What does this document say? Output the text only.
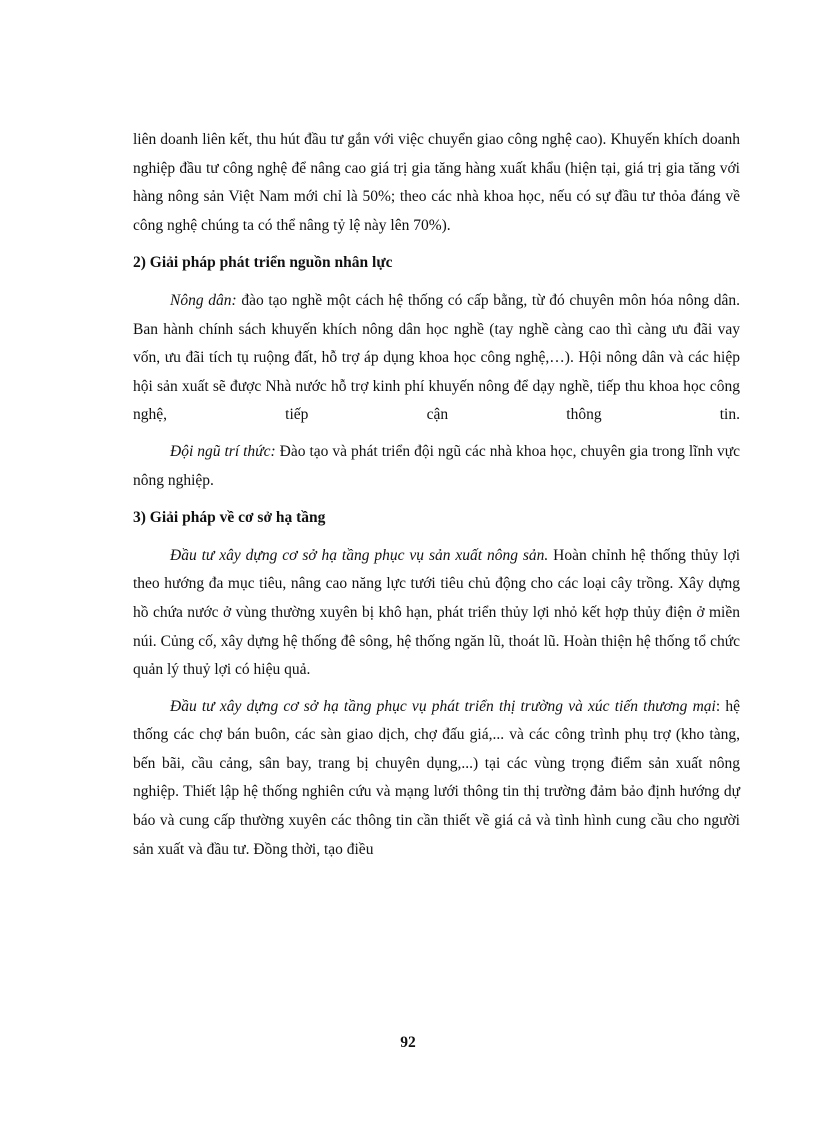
liên doanh liên kết, thu hút đầu tư gắn với việc chuyển giao công nghệ cao). Khuyến khích doanh nghiệp đầu tư công nghệ để nâng cao giá trị gia tăng hàng xuất khẩu (hiện tại, giá trị gia tăng với hàng nông sản Việt Nam mới chỉ là 50%; theo các nhà khoa học, nếu có sự đầu tư thỏa đáng về công nghệ chúng ta có thể nâng tỷ lệ này lên 70%).

2) Giải pháp phát triển nguồn nhân lực

Nông dân: đào tạo nghề một cách hệ thống có cấp bằng, từ đó chuyên môn hóa nông dân. Ban hành chính sách khuyến khích nông dân học nghề (tay nghề càng cao thì càng ưu đãi vay vốn, ưu đãi tích tụ ruộng đất, hỗ trợ áp dụng khoa học công nghệ,…). Hội nông dân và các hiệp hội sản xuất sẽ được Nhà nước hỗ trợ kinh phí khuyến nông để dạy nghề, tiếp thu khoa học công nghệ, tiếp cận thông tin.

Đội ngũ trí thức: Đào tạo và phát triển đội ngũ các nhà khoa học, chuyên gia trong lĩnh vực nông nghiệp.

3) Giải pháp về cơ sở hạ tầng

Đầu tư xây dựng cơ sở hạ tầng phục vụ sản xuất nông sản. Hoàn chỉnh hệ thống thủy lợi theo hướng đa mục tiêu, nâng cao năng lực tưới tiêu chủ động cho các loại cây trồng. Xây dựng hồ chứa nước ở vùng thường xuyên bị khô hạn, phát triển thủy lợi nhỏ kết hợp thủy điện ở miền núi. Củng cố, xây dựng hệ thống đê sông, hệ thống ngăn lũ, thoát lũ. Hoàn thiện hệ thống tổ chức quản lý thuỷ lợi có hiệu quả.

Đầu tư xây dựng cơ sở hạ tầng phục vụ phát triển thị trường và xúc tiến thương mại: hệ thống các chợ bán buôn, các sàn giao dịch, chợ đấu giá,... và các công trình phụ trợ (kho tàng, bến bãi, cầu cảng, sân bay, trang bị chuyên dụng,...) tại các vùng trọng điểm sản xuất nông nghiệp. Thiết lập hệ thống nghiên cứu và mạng lưới thông tin thị trường đảm bảo định hướng dự báo và cung cấp thường xuyên các thông tin cần thiết về giá cả và tình hình cung cầu cho người sản xuất và đầu tư. Đồng thời, tạo điều

92
